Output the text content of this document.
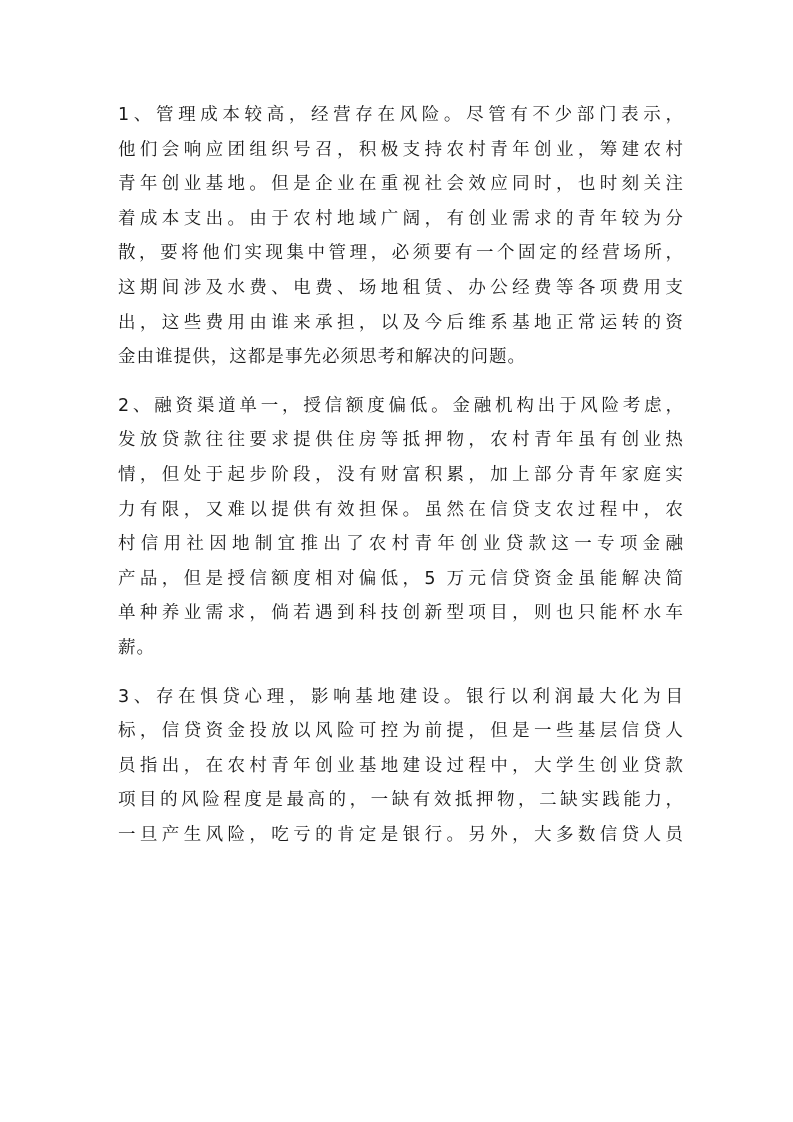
1、管理成本较高，经营存在风险。尽管有不少部门表示，
他们会响应团组织号召，积极支持农村青年创业，筹建农村
青年创业基地。但是企业在重视社会效应同时，也时刻关注
着成本支出。由于农村地域广阔，有创业需求的青年较为分
散，要将他们实现集中管理，必须要有一个固定的经营场所，
这期间涉及水费、电费、场地租赁、办公经费等各项费用支
出，这些费用由谁来承担，以及今后维系基地正常运转的资
金由谁提供，这都是事先必须思考和解决的问题。
2、融资渠道单一，授信额度偏低。金融机构出于风险考虑，
发放贷款往往要求提供住房等抵押物，农村青年虽有创业热
情，但处于起步阶段，没有财富积累，加上部分青年家庭实
力有限，又难以提供有效担保。虽然在信贷支农过程中，农
村信用社因地制宜推出了农村青年创业贷款这一专项金融
产品，但是授信额度相对偏低，5 万元信贷资金虽能解决简
单种养业需求，倘若遇到科技创新型项目，则也只能杯水车
薪。
3、存在惧贷心理，影响基地建设。银行以利润最大化为目
标，信贷资金投放以风险可控为前提，但是一些基层信贷人
员指出，在农村青年创业基地建设过程中，大学生创业贷款
项目的风险程度是最高的，一缺有效抵押物，二缺实践能力，
一旦产生风险，吃亏的肯定是银行。另外，大多数信贷人员
